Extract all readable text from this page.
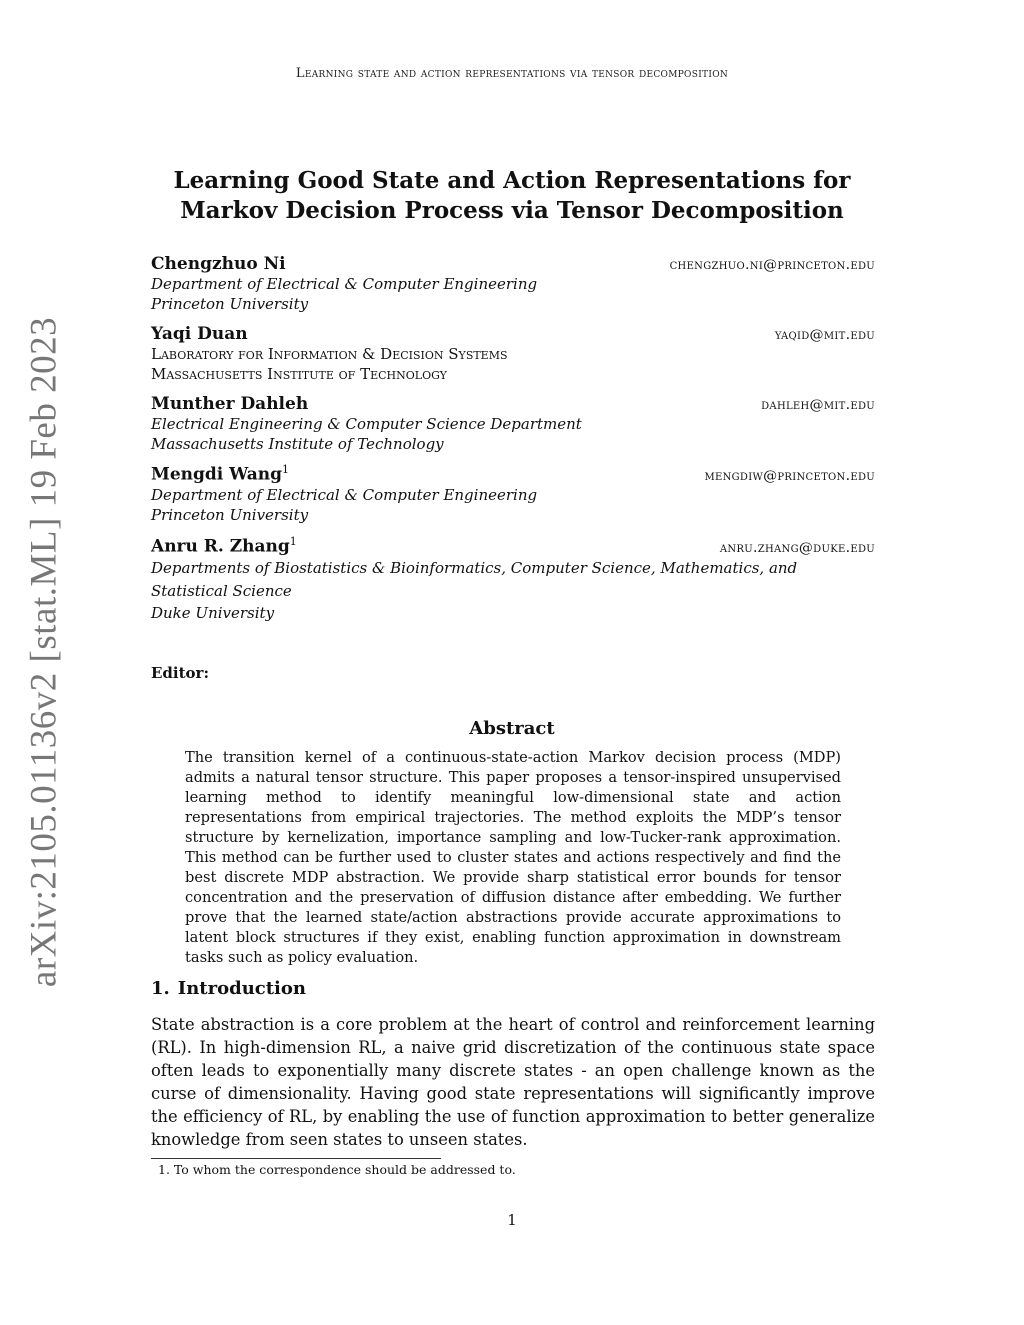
arXiv:2105.01136v2 [stat.ML] 19 Feb 2023
Learning state and action representations via tensor decomposition
Learning Good State and Action Representations for Markov Decision Process via Tensor Decomposition
Chengzhuo Ni	chengzhuo.ni@princeton.edu
Department of Electrical & Computer Engineering
Princeton University
Yaqi Duan	yaqid@mit.edu
Laboratory for Information & Decision Systems
Massachusetts Institute of Technology
Munther Dahleh	dahleh@mit.edu
Electrical Engineering & Computer Science Department
Massachusetts Institute of Technology
Mengdi Wang$^1$	mengdiw@princeton.edu
Department of Electrical & Computer Engineering
Princeton University
Anru R. Zhang$^1$	anru.zhang@duke.edu
Departments of Biostatistics & Bioinformatics, Computer Science, Mathematics, and Statistical Science
Duke University
Editor:
Abstract
The transition kernel of a continuous-state-action Markov decision process (MDP) admits a natural tensor structure. This paper proposes a tensor-inspired unsupervised learning method to identify meaningful low-dimensional state and action representations from empirical trajectories. The method exploits the MDP’s tensor structure by kernelization, importance sampling and low-Tucker-rank approximation. This method can be further used to cluster states and actions respectively and find the best discrete MDP abstraction. We provide sharp statistical error bounds for tensor concentration and the preservation of diffusion distance after embedding. We further prove that the learned state/action abstractions provide accurate approximations to latent block structures if they exist, enabling function approximation in downstream tasks such as policy evaluation.
1. Introduction
State abstraction is a core problem at the heart of control and reinforcement learning (RL). In high-dimension RL, a naive grid discretization of the continuous state space often leads to exponentially many discrete states - an open challenge known as the curse of dimensionality. Having good state representations will significantly improve the efficiency of RL, by enabling the use of function approximation to better generalize knowledge from seen states to unseen states.
1. To whom the correspondence should be addressed to.
1
